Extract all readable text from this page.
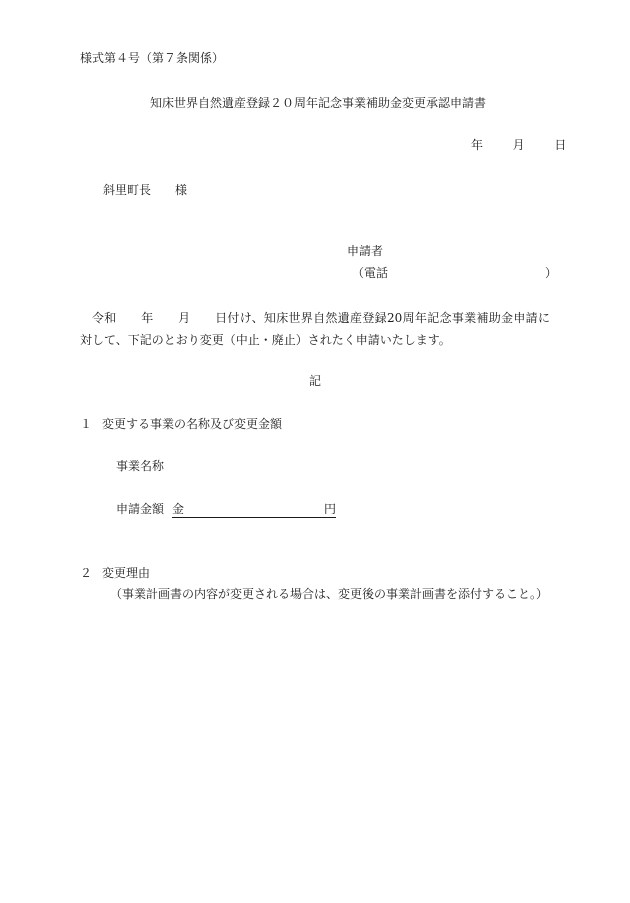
様式第４号（第７条関係）
知床世界自然遺産登録２０周年記念事業補助金変更承認申請書
年 月 日
斜里町長　　様
申請者
（電話	）
令和　　年　　月　　日付け、知床世界自然遺産登録20周年記念事業補助金申請に対して、下記のとおり変更（中止・廃止）されたく申請いたします。
記
１ 変更する事業の名称及び変更金額
事業名称
申請金額 金	円
２ 変更理由
（事業計画書の内容が変更される場合は、変更後の事業計画書を添付すること。）
